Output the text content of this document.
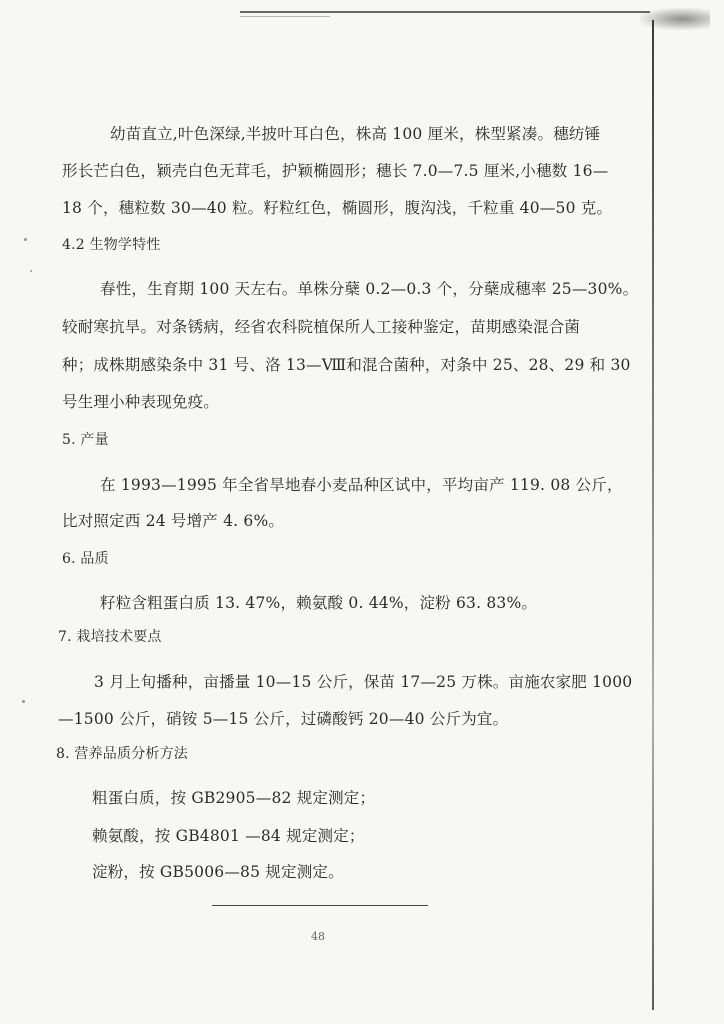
幼苗直立,叶色深绿,半披叶耳白色，株高 100 厘米，株型紧凑。穗纺锤
形长芒白色，颖壳白色无茸毛，护颖椭圆形；穗长 7.0—7.5 厘米,小穗数 16—
18 个，穗粒数 30—40 粒。籽粒红色，椭圆形，腹沟浅，千粒重 40—50 克。
4.2 生物学特性
春性，生育期 100 天左右。单株分蘖 0.2—0.3 个，分蘖成穗率 25—30%。
较耐寒抗旱。对条锈病，经省农科院植保所人工接种鉴定，苗期感染混合菌
种；成株期感染条中 31 号、洛 13—Ⅷ和混合菌种，对条中 25、28、29 和 30
号生理小种表现免疫。
5. 产量
在 1993—1995 年全省旱地春小麦品种区试中，平均亩产 119. 08 公斤，
比对照定西 24 号增产 4. 6%。
6. 品质
籽粒含粗蛋白质 13. 47%，赖氨酸 0. 44%，淀粉 63. 83%。
7. 栽培技术要点
3 月上旬播种，亩播量 10—15 公斤，保苗 17—25 万株。亩施农家肥 1000
—1500 公斤，硝铵 5—15 公斤，过磷酸钙 20—40 公斤为宜。
8. 营养品质分析方法
粗蛋白质，按 GB2905—82 规定测定；
赖氨酸，按 GB4801 —84 规定测定；
淀粉，按 GB5006—85 规定测定。
48
